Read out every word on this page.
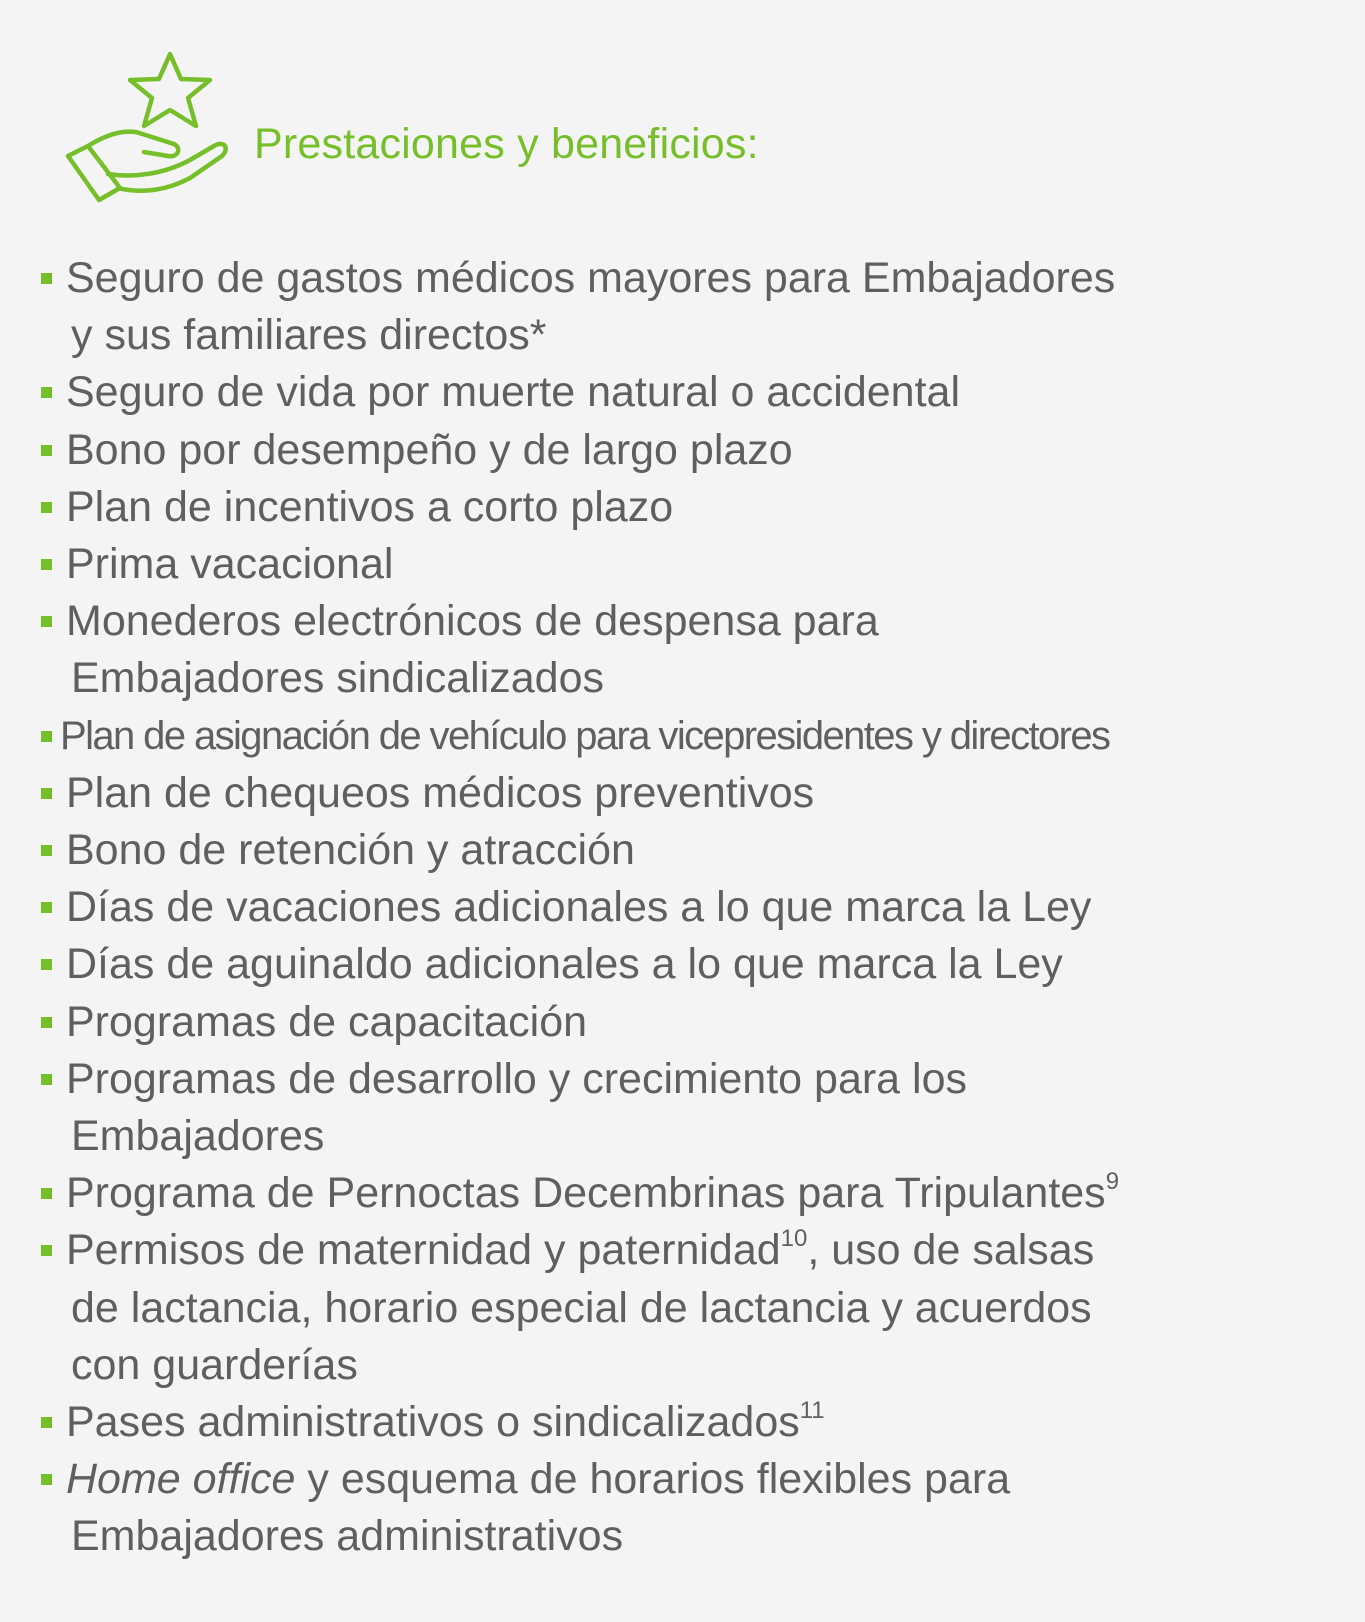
Prestaciones y beneficios:
Seguro de gastos médicos mayores para Embajadores
y sus familiares directos*
Seguro de vida por muerte natural o accidental
Bono por desempeño y de largo plazo
Plan de incentivos a corto plazo
Prima vacacional
Monederos electrónicos de despensa para
Embajadores sindicalizados
Plan de asignación de vehículo para vicepresidentes y directores
Plan de chequeos médicos preventivos
Bono de retención y atracción
Días de vacaciones adicionales a lo que marca la Ley
Días de aguinaldo adicionales a lo que marca la Ley
Programas de capacitación
Programas de desarrollo y crecimiento para los
Embajadores
Programa de Pernoctas Decembrinas para Tripulantes$^9$
Permisos de maternidad y paternidad$^{10}$, uso de salsas
de lactancia, horario especial de lactancia y acuerdos
con guarderías
Pases administrativos o sindicalizados$^{11}$
Home office y esquema de horarios flexibles para
Embajadores administrativos
